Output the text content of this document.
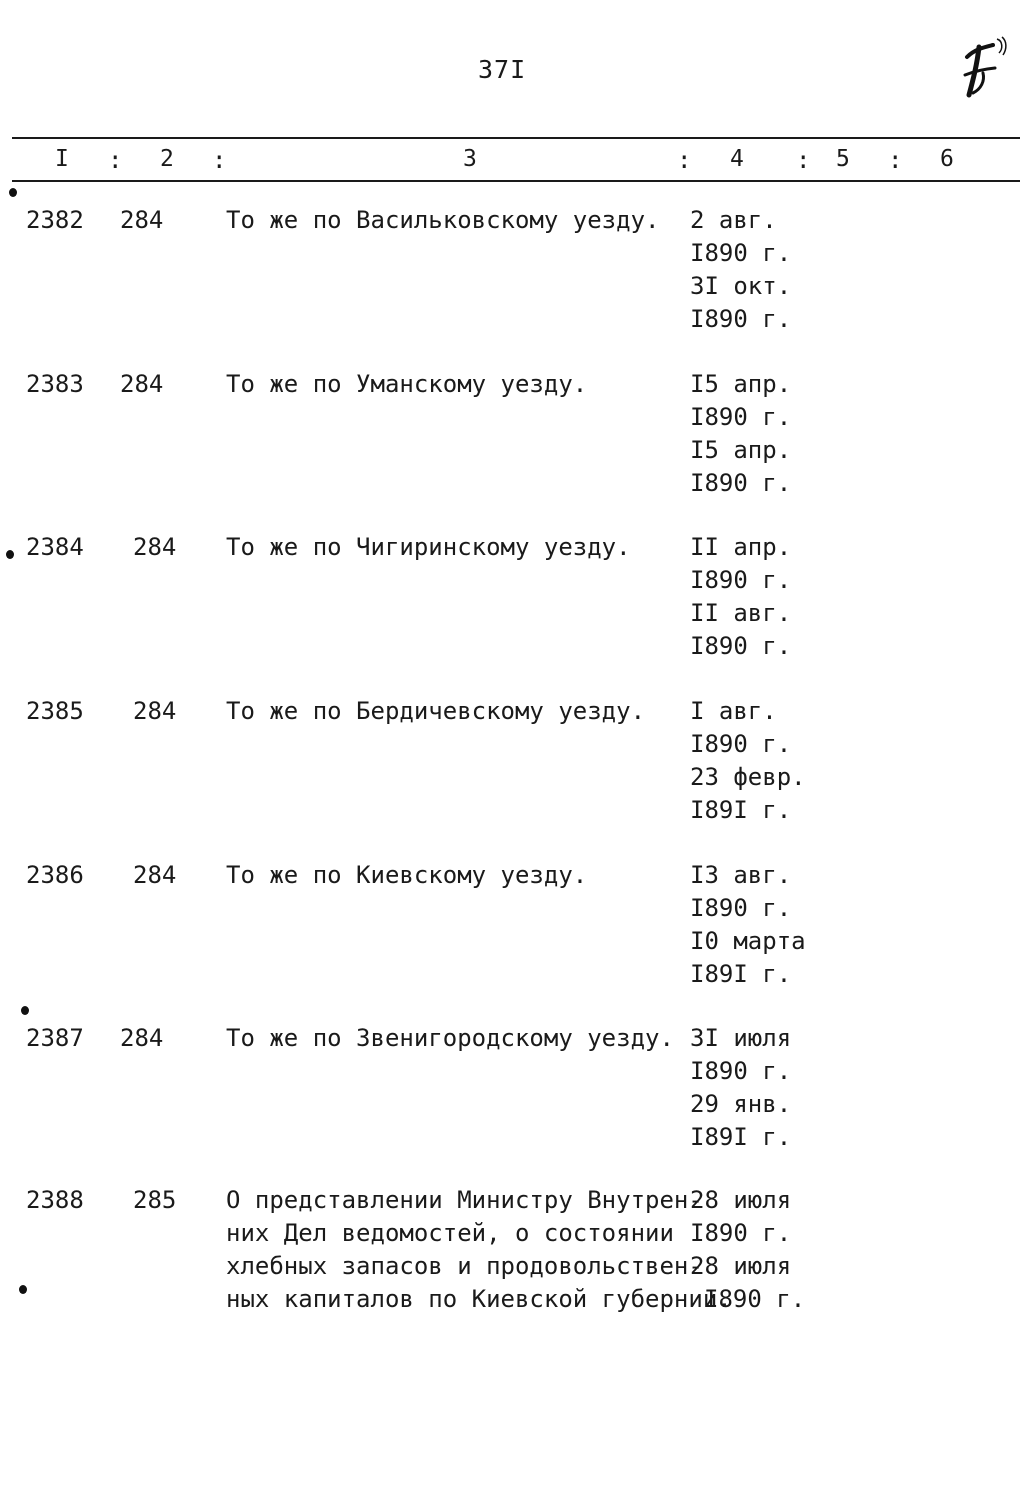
37I
I : 2 :	3	: 4 : 5 : 6
2382 284	То же по Васильковскому уезду. 2 авг.
I890 г.
3I окт.
I890 г.
2383 284	То же по Уманскому уезду.	I5 апр.
I890 г.
I5 апр.
I890 г.
2384 284 То же по Чигиринскому уезду. II апр.
I890 г.
II авг.
I890 г.
2385 284 То же по Бердичевскому уезду. I авг.
I890 г.
23 февр.
I89I г.
2386 284 То же по Киевскому уезду.	I3 авг.
I890 г.
I0 марта
I89I г.
2387 284	То же по Звенигородскому уезду. 3I июля
I890 г.
29 янв.
I89I г.
2388 285 О представлении Министру Внутрен-
них Дел ведомостей, о состоянии
хлебных запасов и продовольствен-
ных капиталов по Киевской губернии.
28 июля
I890 г.
28 июля
I890 г.
